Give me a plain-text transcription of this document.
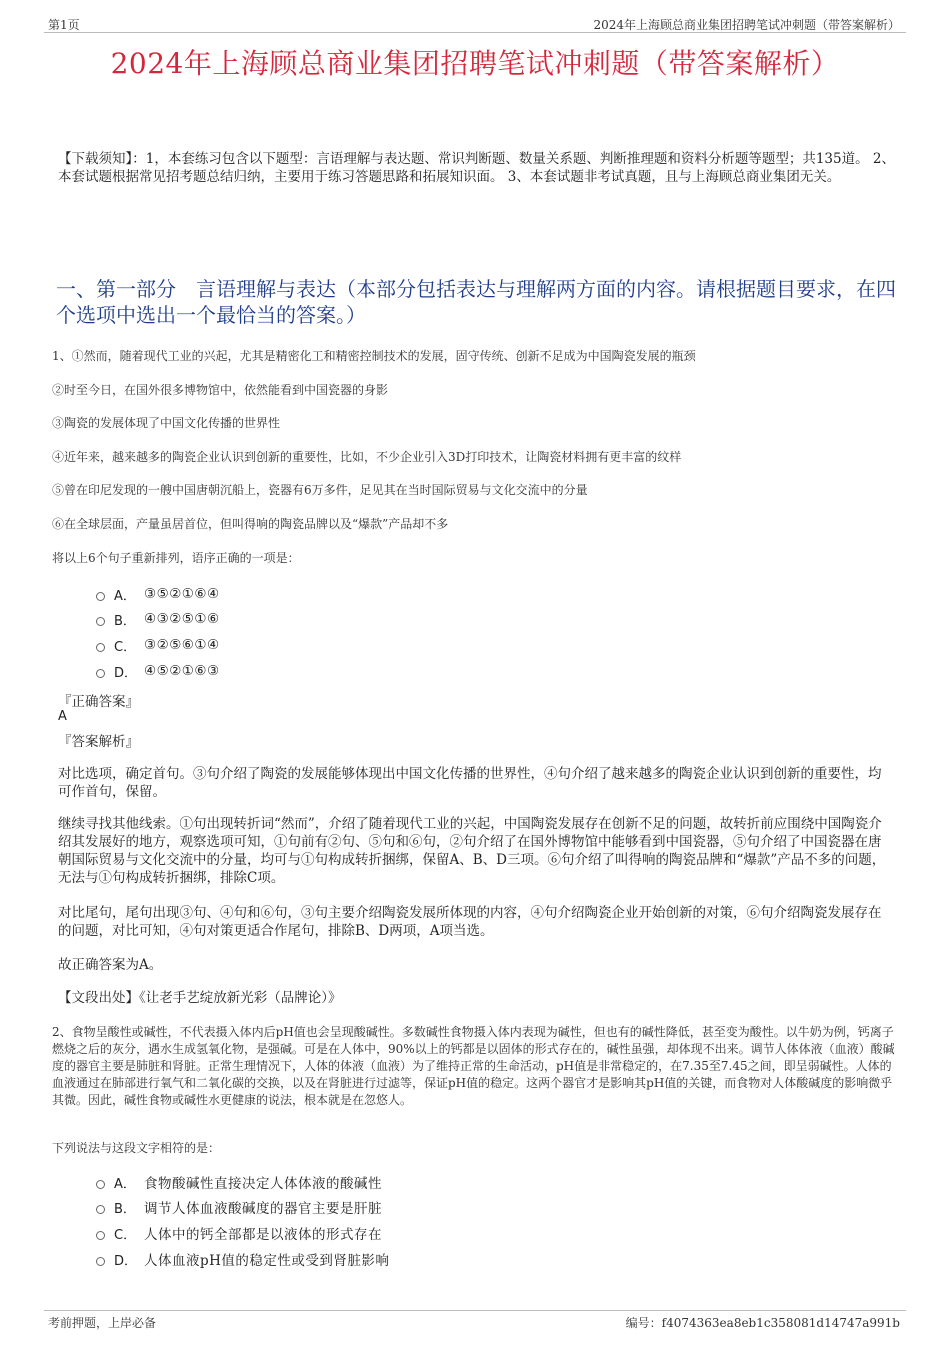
第1页	2024年上海顾总商业集团招聘笔试冲刺题（带答案解析）
2024年上海顾总商业集团招聘笔试冲刺题（带答案解析）
【下载须知】：1，本套练习包含以下题型：言语理解与表达题、常识判断题、数量关系题、判断推理题和资料分析题等题型；共135道。 2、本套试题根据常见招考题总结归纳，主要用于练习答题思路和拓展知识面。 3、本套试题非考试真题，且与上海顾总商业集团无关。
一、第一部分　言语理解与表达（本部分包括表达与理解两方面的内容。请根据题目要求，在四个选项中选出一个最恰当的答案。）
1、①然而，随着现代工业的兴起，尤其是精密化工和精密控制技术的发展，固守传统、创新不足成为中国陶瓷发展的瓶颈
②时至今日，在国外很多博物馆中，依然能看到中国瓷器的身影
③陶瓷的发展体现了中国文化传播的世界性
④近年来，越来越多的陶瓷企业认识到创新的重要性，比如，不少企业引入3D打印技术，让陶瓷材料拥有更丰富的纹样
⑤曾在印尼发现的一艘中国唐朝沉船上，瓷器有6万多件，足见其在当时国际贸易与文化交流中的分量
⑥在全球层面，产量虽居首位，但叫得响的陶瓷品牌以及“爆款”产品却不多
将以上6个句子重新排列，语序正确的一项是：
A． ③⑤②①⑥④
B． ④③②⑤①⑥
C． ③②⑤⑥①④
D． ④⑤②①⑥③
『正确答案』
A
『答案解析』
对比选项，确定首句。③句介绍了陶瓷的发展能够体现出中国文化传播的世界性，④句介绍了越来越多的陶瓷企业认识到创新的重要性，均可作首句，保留。
继续寻找其他线索。①句出现转折词“然而”，介绍了随着现代工业的兴起，中国陶瓷发展存在创新不足的问题，故转折前应围绕中国陶瓷介绍其发展好的地方，观察选项可知，①句前有②句、⑤句和⑥句，②句介绍了在国外博物馆中能够看到中国瓷器，⑤句介绍了中国瓷器在唐朝国际贸易与文化交流中的分量，均可与①句构成转折捆绑，保留A、B、D三项。⑥句介绍了叫得响的陶瓷品牌和“爆款”产品不多的问题，无法与①句构成转折捆绑，排除C项。
对比尾句，尾句出现③句、④句和⑥句，③句主要介绍陶瓷发展所体现的内容，④句介绍陶瓷企业开始创新的对策，⑥句介绍陶瓷发展存在的问题，对比可知，④句对策更适合作尾句，排除B、D两项，A项当选。
故正确答案为A。
【文段出处】《让老手艺绽放新光彩（品牌论）》
2、食物呈酸性或碱性，不代表摄入体内后pH值也会呈现酸碱性。多数碱性食物摄入体内表现为碱性，但也有的碱性降低，甚至变为酸性。以牛奶为例，钙离子燃烧之后的灰分，遇水生成氢氧化物，是强碱。可是在人体中，90%以上的钙都是以固体的形式存在的，碱性虽强，却体现不出来。调节人体体液（血液）酸碱度的器官主要是肺脏和肾脏。正常生理情况下，人体的体液（血液）为了维持正常的生命活动，pH值是非常稳定的，在7.35至7.45之间，即呈弱碱性。人体的血液通过在肺部进行氧气和二氧化碳的交换，以及在肾脏进行过滤等，保证pH值的稳定。这两个器官才是影响其pH值的关键，而食物对人体酸碱度的影响微乎其微。因此，碱性食物或碱性水更健康的说法，根本就是在忽悠人。
下列说法与这段文字相符的是：
A． 食物酸碱性直接决定人体体液的酸碱性
B． 调节人体血液酸碱度的器官主要是肝脏
C． 人体中的钙全部都是以液体的形式存在
D． 人体血液pH值的稳定性或受到肾脏影响
考前押题，上岸必备	编号：f4074363ea8eb1c358081d14747a991b
